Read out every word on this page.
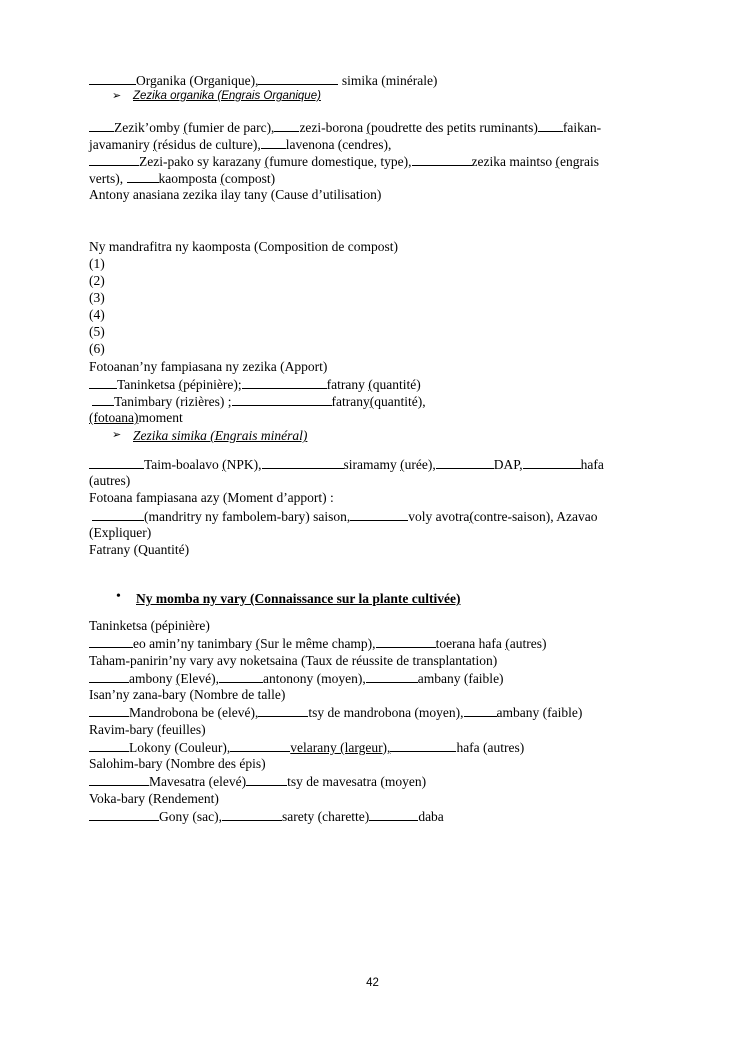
Organika (Organique),	simika (minérale)
➢ Zezika organika (Engrais Organique)
Zezik’omby (fumier de parc), zezi-borona (poudrette des petits ruminants) faikan-
javamaniry (résidus de culture), lavenona (cendres),
Zezi-pako sy karazany (fumure domestique, type),	zezika maintso (engrais
verts), kaomposta (compost)
Antony anasiana zezika ilay tany (Cause d’utilisation)
Ny mandrafitra ny kaomposta (Composition de compost)
(1)
(2)
(3)
(4)
(5)
(6)
Fotoanan’ny fampiasana ny zezika (Apport)
Taninketsa (pépinière);	fatrany (quantité)
Tanimbary (rizières) ;	fatrany(quantité),
(fotoana)moment
➢ Zezika simika (Engrais minéral)
Taim-boalavo (NPK),	siramamy (urée),	DAP,	hafa
(autres)
Fotoana fampiasana azy (Moment d’apport) :
(mandritry ny fambolem-bary) saison,	voly avotra(contre-saison), Azavao
(Expliquer)
Fatrany (Quantité)
• Ny momba ny vary (Connaissance sur la plante cultivée)
Taninketsa (pépinière)
eo amin’ny tanimbary (Sur le même champ),	toerana hafa (autres)
Taham-panirin’ny vary avy noketsaina (Taux de réussite de transplantation)
ambony (Elevé),	antonony (moyen),	ambany (faible)
Isan’ny zana-bary (Nombre de talle)
Mandrobona be (elevé),	tsy de mandrobona (moyen), ambany (faible)
Ravim-bary (feuilles)
Lokony (Couleur),	velarany (largeur),	hafa (autres)
Salohim-bary (Nombre des épis)
Mavesatra (elevé)	tsy de mavesatra (moyen)
Voka-bary (Rendement)
Gony (sac),	sarety (charette)	daba
42
